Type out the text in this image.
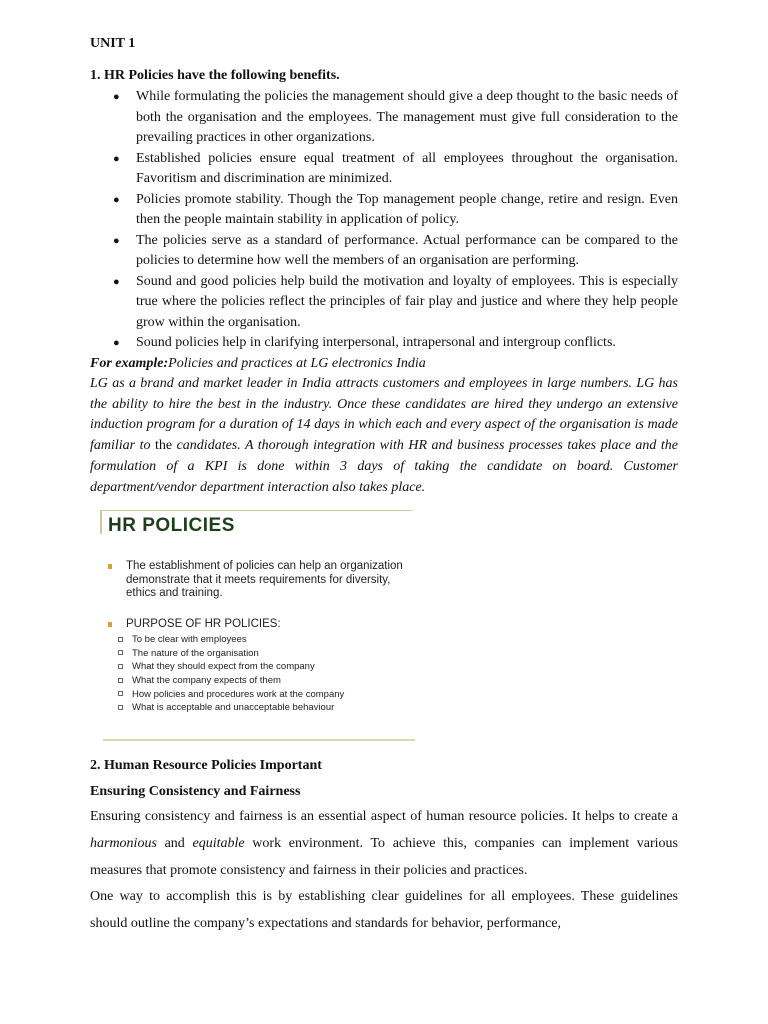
UNIT 1

1. HR Policies have the following benefits.

● While formulating the policies the management should give a deep thought to the basic needs of both the organisation and the employees. The management must give full consideration to the prevailing practices in other organizations.
● Established policies ensure equal treatment of all employees throughout the organisation. Favoritism and discrimination are minimized.
● Policies promote stability. Though the Top management people change, retire and resign. Even then the people maintain stability in application of policy.
● The policies serve as a standard of performance. Actual performance can be compared to the policies to determine how well the members of an organisation are performing.
● Sound and good policies help build the motivation and loyalty of employees. This is especially true where the policies reflect the principles of fair play and justice and where they help people grow within the organisation.
● Sound policies help in clarifying interpersonal, intrapersonal and intergroup conflicts.

For example:Policies and practices at LG electronics India

LG as a brand and market leader in India attracts customers and employees in large numbers. LG has the ability to hire the best in the industry. Once these candidates are hired they undergo an extensive induction program for a duration of 14 days in which each and every aspect of the organisation is made familiar to the candidates. A thorough integration with HR and business processes takes place and the formulation of a KPI is done within 3 days of taking the candidate on board. Customer department/vendor department interaction also takes place.

HR POLICIES

The establishment of policies can help an organization demonstrate that it meets requirements for diversity, ethics and training.
PURPOSE OF HR POLICIES:
To be clear with employees
The nature of the organisation
What they should expect from the company
What the company expects of them
How policies and procedures work at the company
What is acceptable and unacceptable behaviour

2. Human Resource Policies Important

Ensuring Consistency and Fairness

Ensuring consistency and fairness is an essential aspect of human resource policies. It helps to create a harmonious and equitable work environment. To achieve this, companies can implement various measures that promote consistency and fairness in their policies and practices.

One way to accomplish this is by establishing clear guidelines for all employees. These guidelines should outline the company’s expectations and standards for behavior, performance,
